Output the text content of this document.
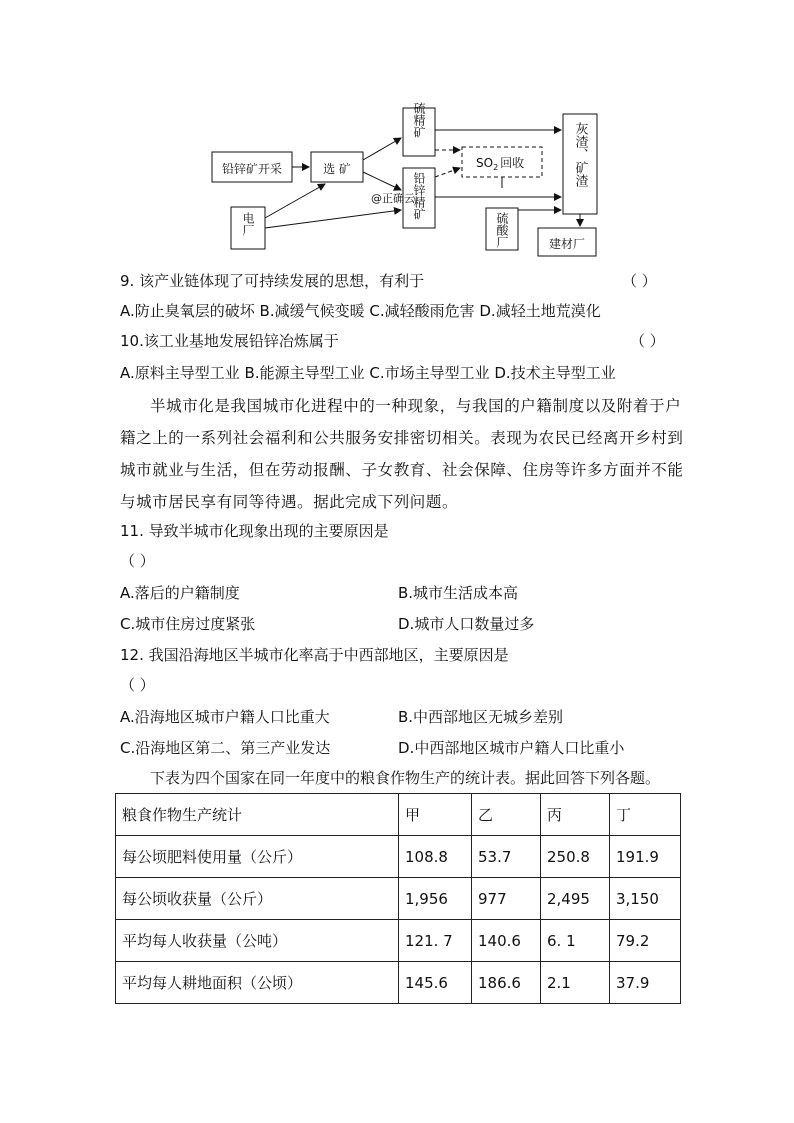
铅锌矿开采	选 矿
硫精矿
铅锌精矿
电厂
$SO_2$ 回收
硫酸厂
灰渣、矿渣
建材厂
@正确云
9. 该产业链体现了可持续发展的思想，有利于	（ ）
A.防止臭氧层的破坏 B.减缓气候变暖 C.减轻酸雨危害 D.减轻土地荒漠化
10.该工业基地发展铅锌冶炼属于	（ ）
A.原料主导型工业 B.能源主导型工业 C.市场主导型工业 D.技术主导型工业
半城市化是我国城市化进程中的一种现象，与我国的户籍制度以及附着于户
籍之上的一系列社会福利和公共服务安排密切相关。表现为农民已经离开乡村到
城市就业与生活，但在劳动报酬、子女教育、社会保障、住房等许多方面并不能
与城市居民享有同等待遇。据此完成下列问题。
11. 导致半城市化现象出现的主要原因是
（ ）
A.落后的户籍制度	B.城市生活成本高
C.城市住房过度紧张	D.城市人口数量过多
12. 我国沿海地区半城市化率高于中西部地区，主要原因是
（ ）
A.沿海地区城市户籍人口比重大	B.中西部地区无城乡差别
C.沿海地区第二、第三产业发达	D.中西部地区城市户籍人口比重小
下表为四个国家在同一年度中的粮食作物生产的统计表。据此回答下列各题。
粮食作物生产统计	甲	乙	丙	丁
每公顷肥料使用量（公斤）	108.8	53.7	250.8	191.9
每公顷收获量（公斤）	1,956	977	2,495	3,150
平均每人收获量（公吨）	121. 7	140.6	6. 1	79.2
平均每人耕地面积（公顷）	145.6	186.6	2.1	37.9
